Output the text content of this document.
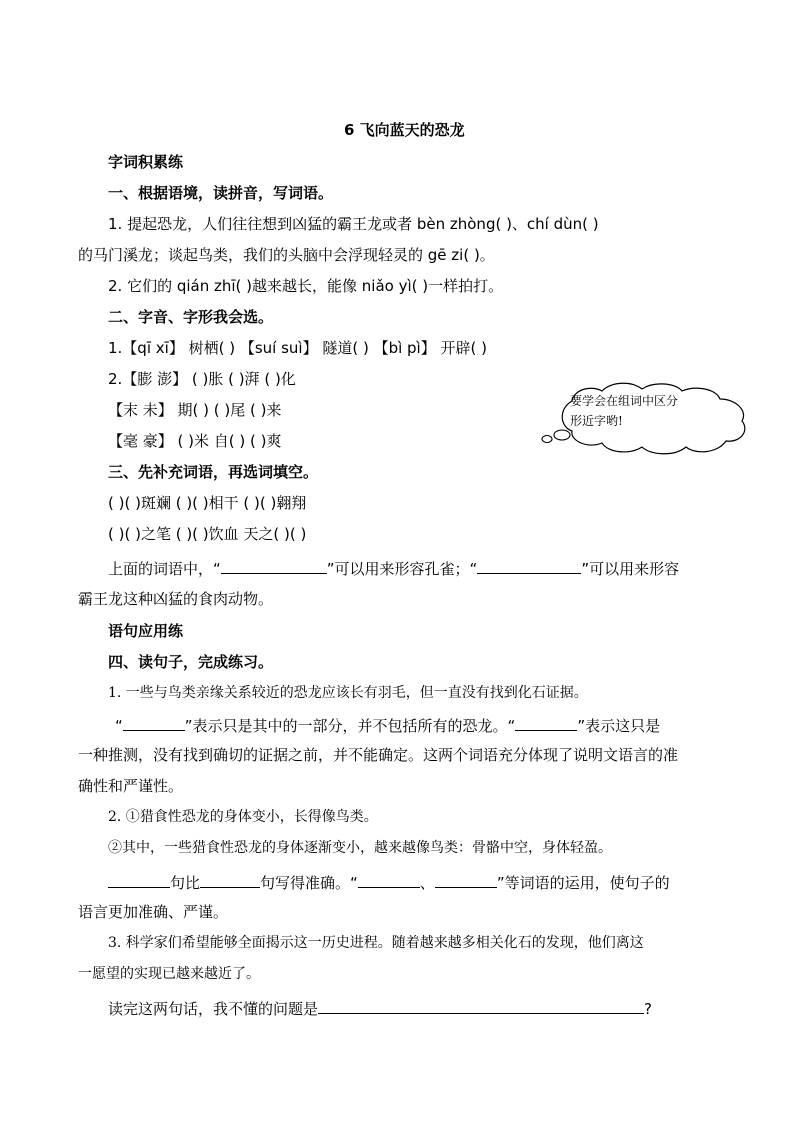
6 飞向蓝天的恐龙
字词积累练
一、根据语境，读拼音，写词语。
1. 提起恐龙，人们往往想到凶猛的霸王龙或者 bèn zhòng( )、chí dùn( )
的马门溪龙；谈起鸟类，我们的头脑中会浮现轻灵的 gē zi( )。
2. 它们的 qián zhī( )越来越长，能像 niǎo yì( )一样拍打。
二、字音、字形我会选。
1.【qī xī】 树栖( ) 【suí suì】 隧道( ) 【bì pì】 开辟( )
2.【膨 澎】 ( )胀 ( )湃 ( )化
【末 未】 期( ) ( )尾 ( )来
【毫 豪】 ( )米 自( ) ( )爽
要学会在组词中区分
形近字哟!
三、先补充词语，再选词填空。
( )( )斑斓 ( )( )相干 ( )( )翱翔
( )( )之笔 ( )( )饮血 天之( )( )
上面的词语中，“	”可以用来形容孔雀；“	”可以用来形容
霸王龙这种凶猛的食肉动物。
语句应用练
四、读句子，完成练习。
1. 一些与鸟类亲缘关系较近的恐龙应该长有羽毛，但一直没有找到化石证据。
“	”表示只是其中的一部分，并不包括所有的恐龙。“	”表示这只是
一种推测，没有找到确切的证据之前，并不能确定。这两个词语充分体现了说明文语言的准
确性和严谨性。
2. ①猎食性恐龙的身体变小，长得像鸟类。
②其中，一些猎食性恐龙的身体逐渐变小，越来越像鸟类：骨骼中空，身体轻盈。
句比	句写得准确。“	、	”等词语的运用，使句子的
语言更加准确、严谨。
3. 科学家们希望能够全面揭示这一历史进程。随着越来越多相关化石的发现，他们离这
一愿望的实现已越来越近了。
读完这两句话，我不懂的问题是	?
